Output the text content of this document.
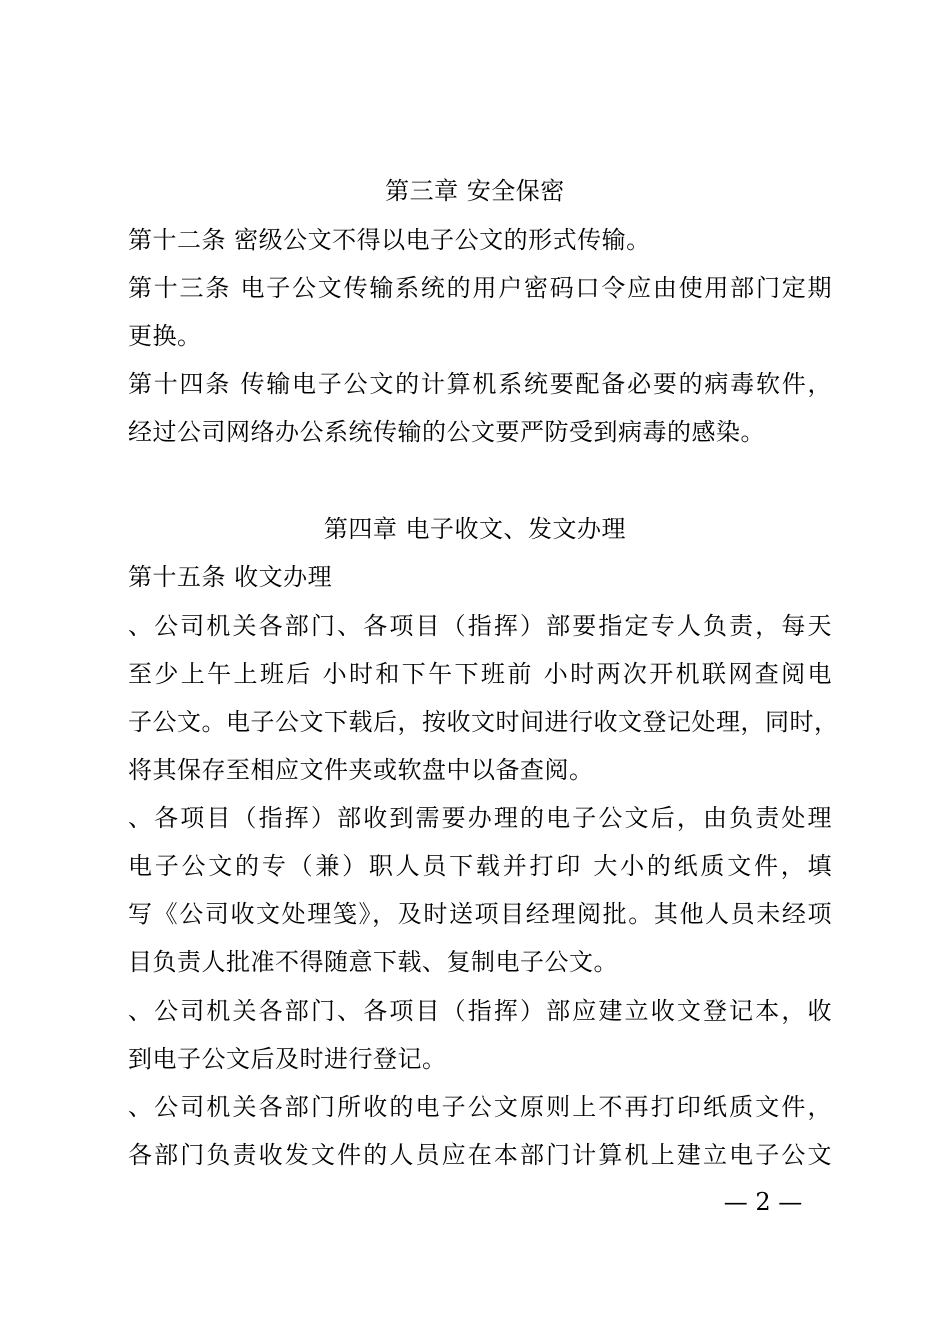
第三章 安全保密
第十二条 密级公文不得以电子公文的形式传输。
第十三条 电子公文传输系统的用户密码口令应由使用部门定期
更换。
第十四条 传输电子公文的计算机系统要配备必要的病毒软件，
经过公司网络办公系统传输的公文要严防受到病毒的感染。
第四章 电子收文、发文办理
第十五条 收文办理
、公司机关各部门、各项目（指挥）部要指定专人负责，每天
至少上午上班后 小时和下午下班前 小时两次开机联网查阅电
子公文。电子公文下载后，按收文时间进行收文登记处理，同时，
将其保存至相应文件夹或软盘中以备查阅。
、各项目（指挥）部收到需要办理的电子公文后，由负责处理
电子公文的专（兼）职人员下载并打印 大小的纸质文件，填
写《公司收文处理笺》，及时送项目经理阅批。其他人员未经项
目负责人批准不得随意下载、复制电子公文。
、公司机关各部门、各项目（指挥）部应建立收文登记本，收
到电子公文后及时进行登记。
、公司机关各部门所收的电子公文原则上不再打印纸质文件，
各部门负责收发文件的人员应在本部门计算机上建立电子公文
— 2 —
